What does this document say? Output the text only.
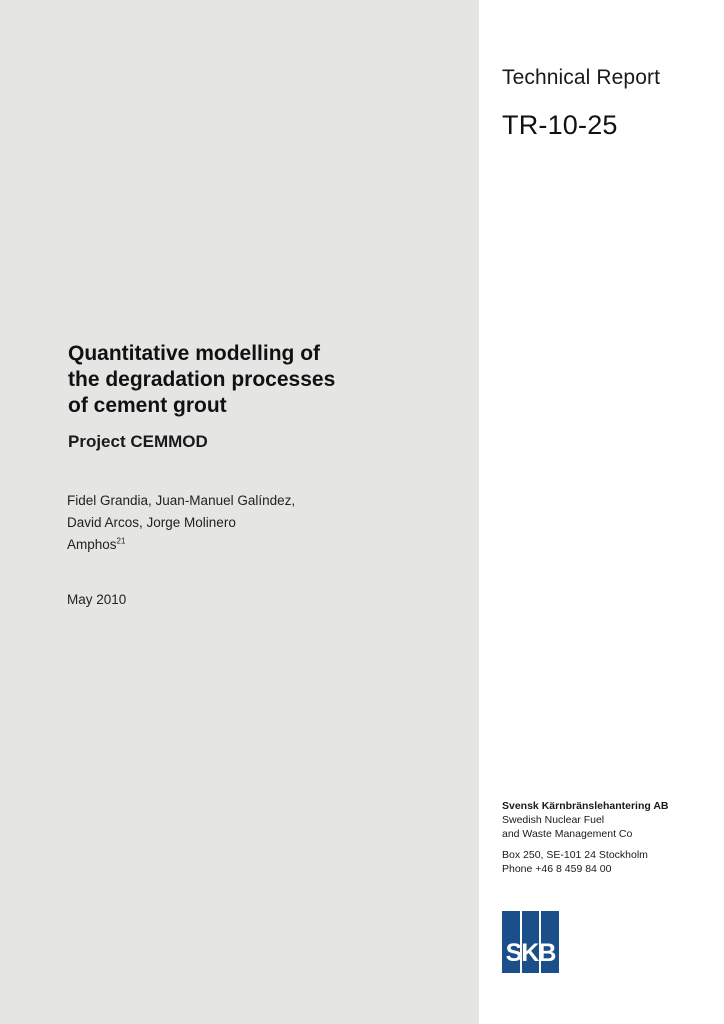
Technical Report
TR-10-25
Quantitative modelling of
the degradation processes
of cement grout
Project CEMMOD
Fidel Grandia, Juan-Manuel Galíndez,
David Arcos, Jorge Molinero
Amphos$^{21}$
May 2010
Svensk Kärnbränslehantering AB
Swedish Nuclear Fuel
and Waste Management Co
Box 250, SE-101 24 Stockholm
Phone +46 8 459 84 00
SKB
